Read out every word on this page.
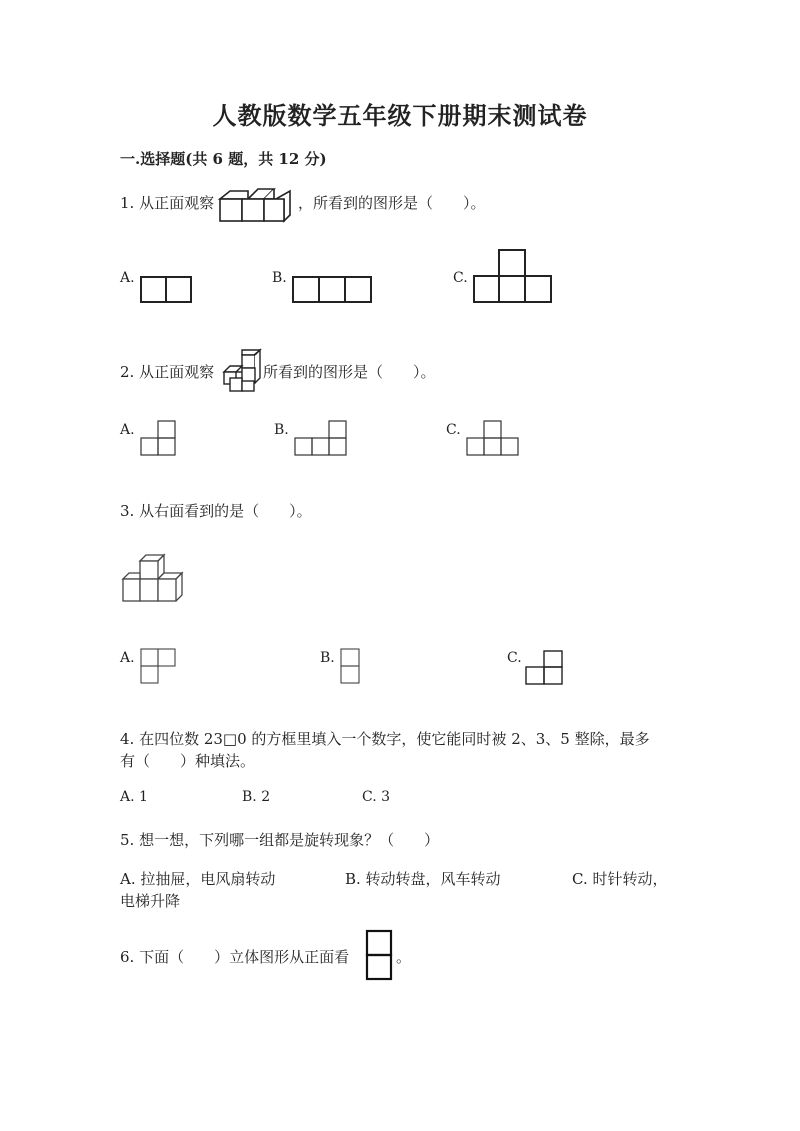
人教版数学五年级下册期末测试卷
一.选择题(共 6 题，共 12 分)
1. 从正面观察	，所看到的图形是（　　）。
A.	B.	C.
2. 从正面观察	所看到的图形是（　　）。
A.	B.	C.
3. 从右面看到的是（　　）。
A.	B.	C.
4. 在四位数 23□0 的方框里填入一个数字，使它能同时被 2、3、5 整除，最多
有（　　）种填法。
A. 1	B. 2	C. 3
5. 想一想，下列哪一组都是旋转现象？（　　）
A. 拉抽屉，电风扇转动	B. 转动转盘，风车转动	C. 时针转动，
电梯升降
6. 下面（　　）立体图形从正面看	。
